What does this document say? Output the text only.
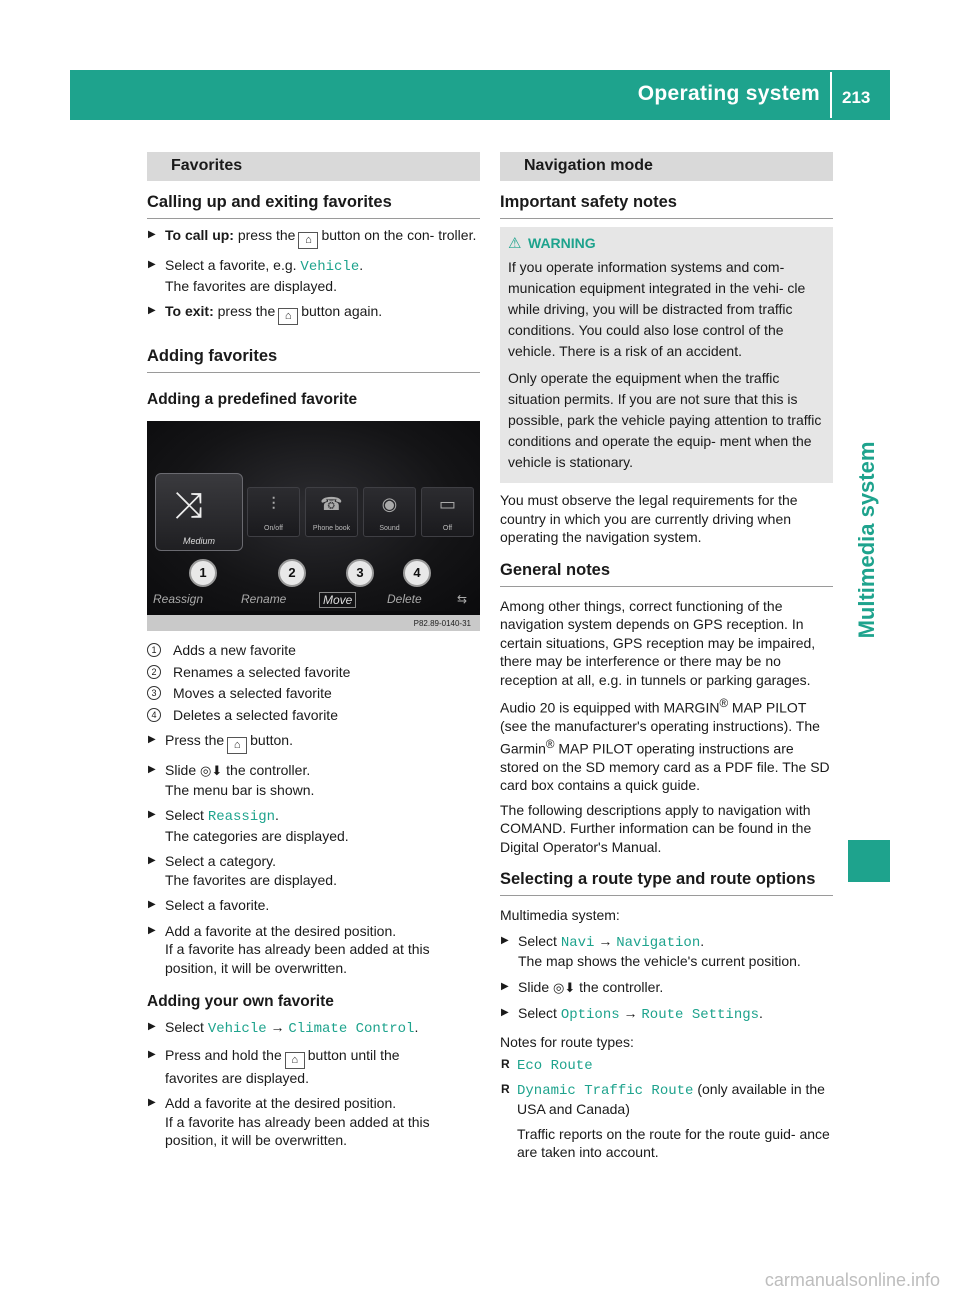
Operating system 213
Multimedia system
Favorites
Calling up and exiting favorites
▶ To call up: press the ⌂ button on the con- troller.
▶ Select a favorite, e.g. Vehicle.
The favorites are displayed.
▶ To exit: press the ⌂ button again.
Adding favorites
Adding a predefined favorite
⤨
Medium
⫶
On/off
☎
Phone book
◉
Sound
▭
Off
1	2	3	4
Reassign	Rename	Move	Delete	⇆
P82.89-0140-31
1	Adds a new favorite
2	Renames a selected favorite
3	Moves a selected favorite
4	Deletes a selected favorite
▶ Press the ⌂ button.
▶ Slide ◎⬇ the controller.
The menu bar is shown.
▶ Select Reassign.
The categories are displayed.
▶ Select a category.
The favorites are displayed.
▶ Select a favorite.
▶ Add a favorite at the desired position.
If a favorite has already been added at this
position, it will be overwritten.
Adding your own favorite
▶ Select Vehicle → Climate Control.
▶ Press and hold the ⌂ button until the
favorites are displayed.
▶ Add a favorite at the desired position.
If a favorite has already been added at this
position, it will be overwritten.
Navigation mode
Important safety notes
⚠ WARNING
If you operate information systems and com- munication equipment integrated in the vehi- cle while driving, you will be distracted from traffic conditions. You could also lose control of the vehicle. There is a risk of an accident.
Only operate the equipment when the traffic situation permits. If you are not sure that this is possible, park the vehicle paying attention to traffic conditions and operate the equip- ment when the vehicle is stationary.
You must observe the legal requirements for the country in which you are currently driving when operating the navigation system.
General notes
Among other things, correct functioning of the navigation system depends on GPS reception. In certain situations, GPS reception may be impaired, there may be interference or there may be no reception at all, e.g. in tunnels or parking garages.
Audio 20 is equipped with MARGIN® MAP PILOT (see the manufacturer's operating instructions). The Garmin® MAP PILOT operating instructions are stored on the SD memory card as a PDF file. The SD card box contains a quick guide.
The following descriptions apply to navigation with COMAND. Further information can be found in the Digital Operator's Manual.
Selecting a route type and route options
Multimedia system:
▶ Select Navi → Navigation.
The map shows the vehicle's current position.
▶ Slide ◎⬇ the controller.
▶ Select Options → Route Settings.
Notes for route types:
R Eco Route
R Dynamic Traffic Route (only available in the USA and Canada)
Traffic reports on the route for the route guid- ance are taken into account.
carmanualsonline.info
